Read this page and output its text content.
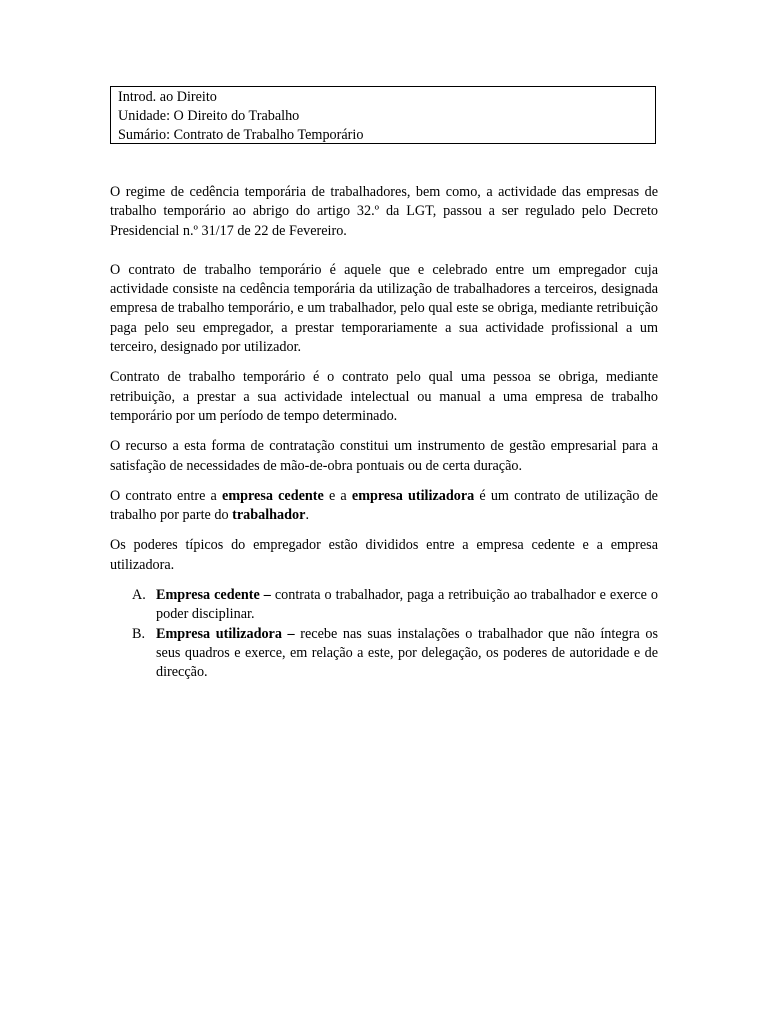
Introd. ao Direito
Unidade: O Direito do Trabalho
Sumário: Contrato de Trabalho Temporário

O regime de cedência temporária de trabalhadores, bem como, a actividade das empresas de trabalho temporário ao abrigo do artigo 32.º da LGT, passou a ser regulado pelo Decreto Presidencial n.º 31/17 de 22 de Fevereiro.

O contrato de trabalho temporário é aquele que e celebrado entre um empregador cuja actividade consiste na cedência temporária da utilização de trabalhadores a terceiros, designada empresa de trabalho temporário, e um trabalhador, pelo qual este se obriga, mediante retribuição paga pelo seu empregador, a prestar temporariamente a sua actividade profissional a um terceiro, designado por utilizador.

Contrato de trabalho temporário é o contrato pelo qual uma pessoa se obriga, mediante retribuição, a prestar a sua actividade intelectual ou manual a uma empresa de trabalho temporário por um período de tempo determinado.

O recurso a esta forma de contratação constitui um instrumento de gestão empresarial para a satisfação de necessidades de mão-de-obra pontuais ou de certa duração.

O contrato entre a empresa cedente e a empresa utilizadora é um contrato de utilização de trabalho por parte do trabalhador.

Os poderes típicos do empregador estão divididos entre a empresa cedente e a empresa utilizadora.

A. Empresa cedente – contrata o trabalhador, paga a retribuição ao trabalhador e exerce o poder disciplinar.
B. Empresa utilizadora – recebe nas suas instalações o trabalhador que não íntegra os seus quadros e exerce, em relação a este, por delegação, os poderes de autoridade e de direcção.
